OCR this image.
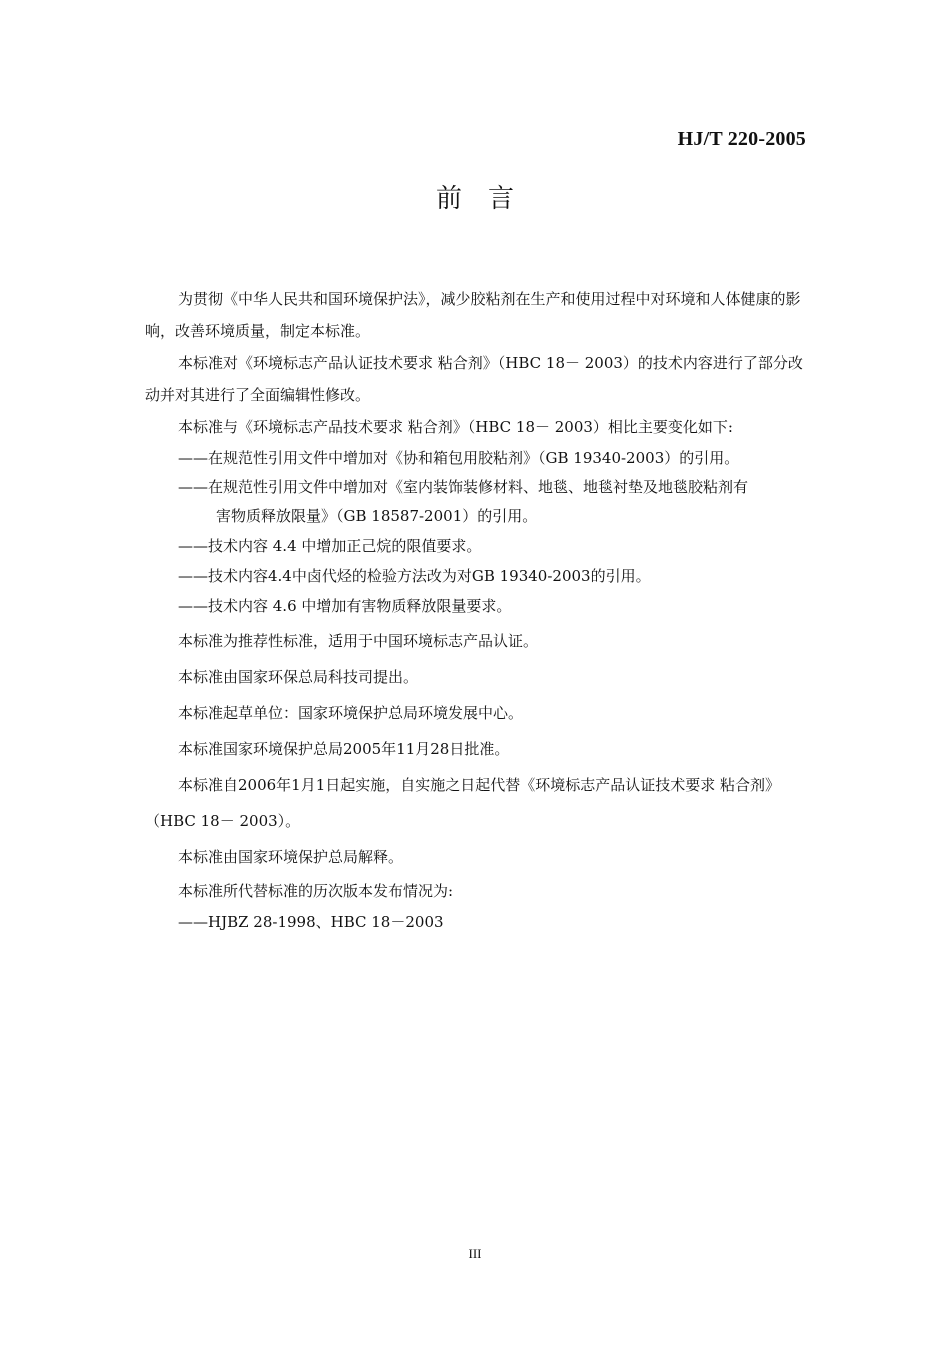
HJ/T 220-2005
前言

为贯彻《中华人民共和国环境保护法》，减少胶粘剂在生产和使用过程中对环境和人体健康的影响，改善环境质量，制定本标准。

本标准对《环境标志产品认证技术要求 粘合剂》（HBC 18－ 2003）的技术内容进行了部分改动并对其进行了全面编辑性修改。

本标准与《环境标志产品技术要求 粘合剂》（HBC 18－ 2003）相比主要变化如下:

——在规范性引用文件中增加对《协和箱包用胶粘剂》（GB 19340-2003）的引用。

——在规范性引用文件中增加对《室内装饰装修材料、地毯、地毯衬垫及地毯胶粘剂有
害物质释放限量》（GB 18587-2001）的引用。

——技术内容 4.4 中增加正己烷的限值要求。

——技术内容4.4中卤代烃的检验方法改为对GB 19340-2003的引用。

——技术内容 4.6 中增加有害物质释放限量要求。

本标准为推荐性标准，适用于中国环境标志产品认证。

本标准由国家环保总局科技司提出。

本标准起草单位：国家环境保护总局环境发展中心。

本标准国家环境保护总局2005年11月28日批准。

本标准自2006年1月1日起实施，自实施之日起代替《环境标志产品认证技术要求 粘合剂》（HBC 18－ 2003）。

本标准由国家环境保护总局解释。

本标准所代替标准的历次版本发布情况为:

——HJBZ 28-1998、HBC 18－2003

III
